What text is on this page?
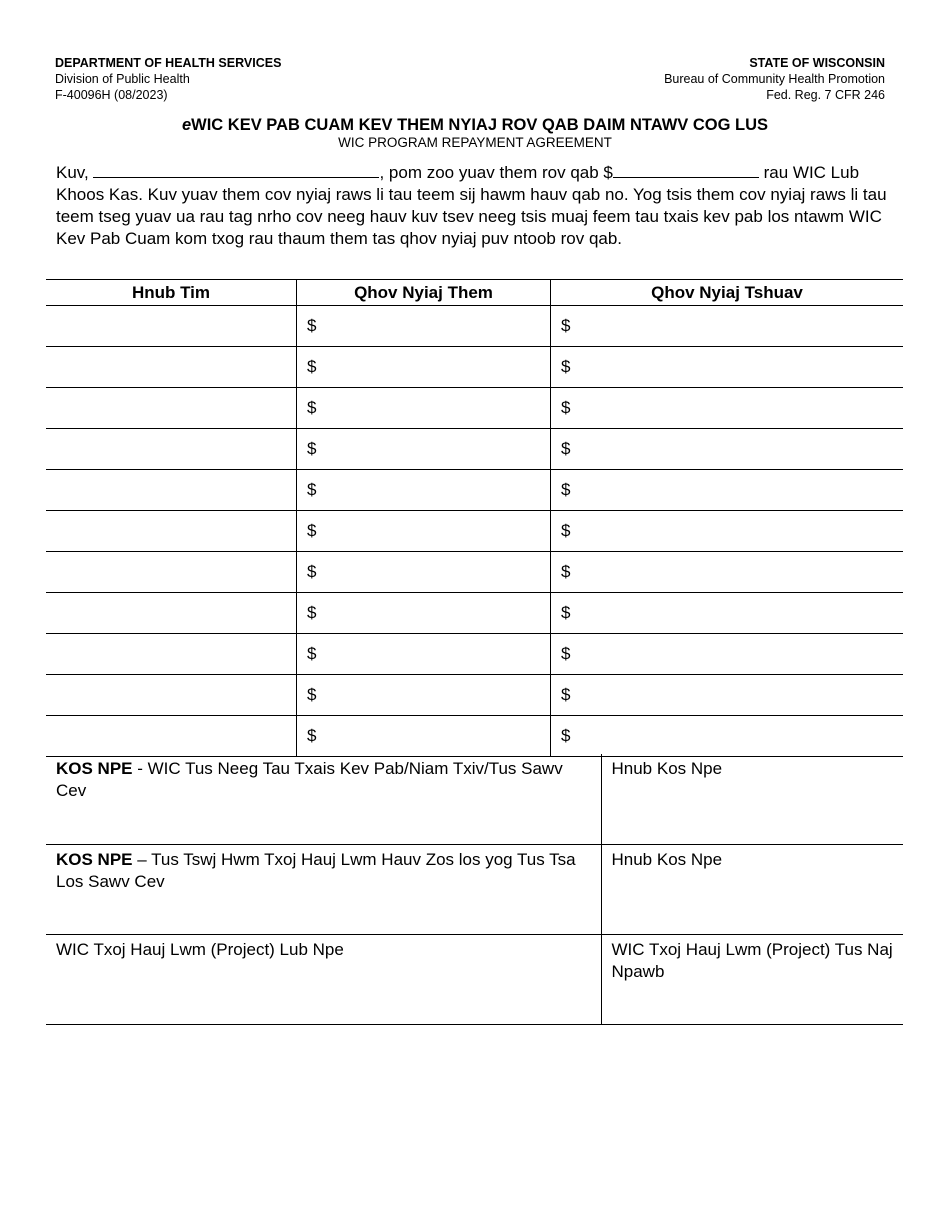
DEPARTMENT OF HEALTH SERVICES
Division of Public Health
F-40096H (08/2023)
STATE OF WISCONSIN
Bureau of Community Health Promotion
Fed. Reg. 7 CFR 246
eWIC KEV PAB CUAM KEV THEM NYIAJ ROV QAB DAIM NTAWV COG LUS
WIC PROGRAM REPAYMENT AGREEMENT
Kuv,	, pom zoo yuav them rov qab $	rau WIC Lub Khoos Kas. Kuv yuav them cov nyiaj raws li tau teem sij hawm hauv qab no. Yog tsis them cov nyiaj raws li tau teem tseg yuav ua rau tag nrho cov neeg hauv kuv tsev neeg tsis muaj feem tau txais kev pab los ntawm WIC Kev Pab Cuam kom txog rau thaum them tas qhov nyiaj puv ntoob rov qab.
Hnub Tim	Qhov Nyiaj Them	Qhov Nyiaj Tshuav
	$	$
	$	$
	$	$
	$	$
	$	$
	$	$
	$	$
	$	$
	$	$
	$	$
	$	$
KOS NPE - WIC Tus Neeg Tau Txais Kev Pab/Niam Txiv/Tus Sawv Cev	Hnub Kos Npe
KOS NPE – Tus Tswj Hwm Txoj Hauj Lwm Hauv Zos los yog Tus Tsa Los Sawv Cev	Hnub Kos Npe
WIC Txoj Hauj Lwm (Project) Lub Npe	WIC Txoj Hauj Lwm (Project) Tus Naj Npawb
